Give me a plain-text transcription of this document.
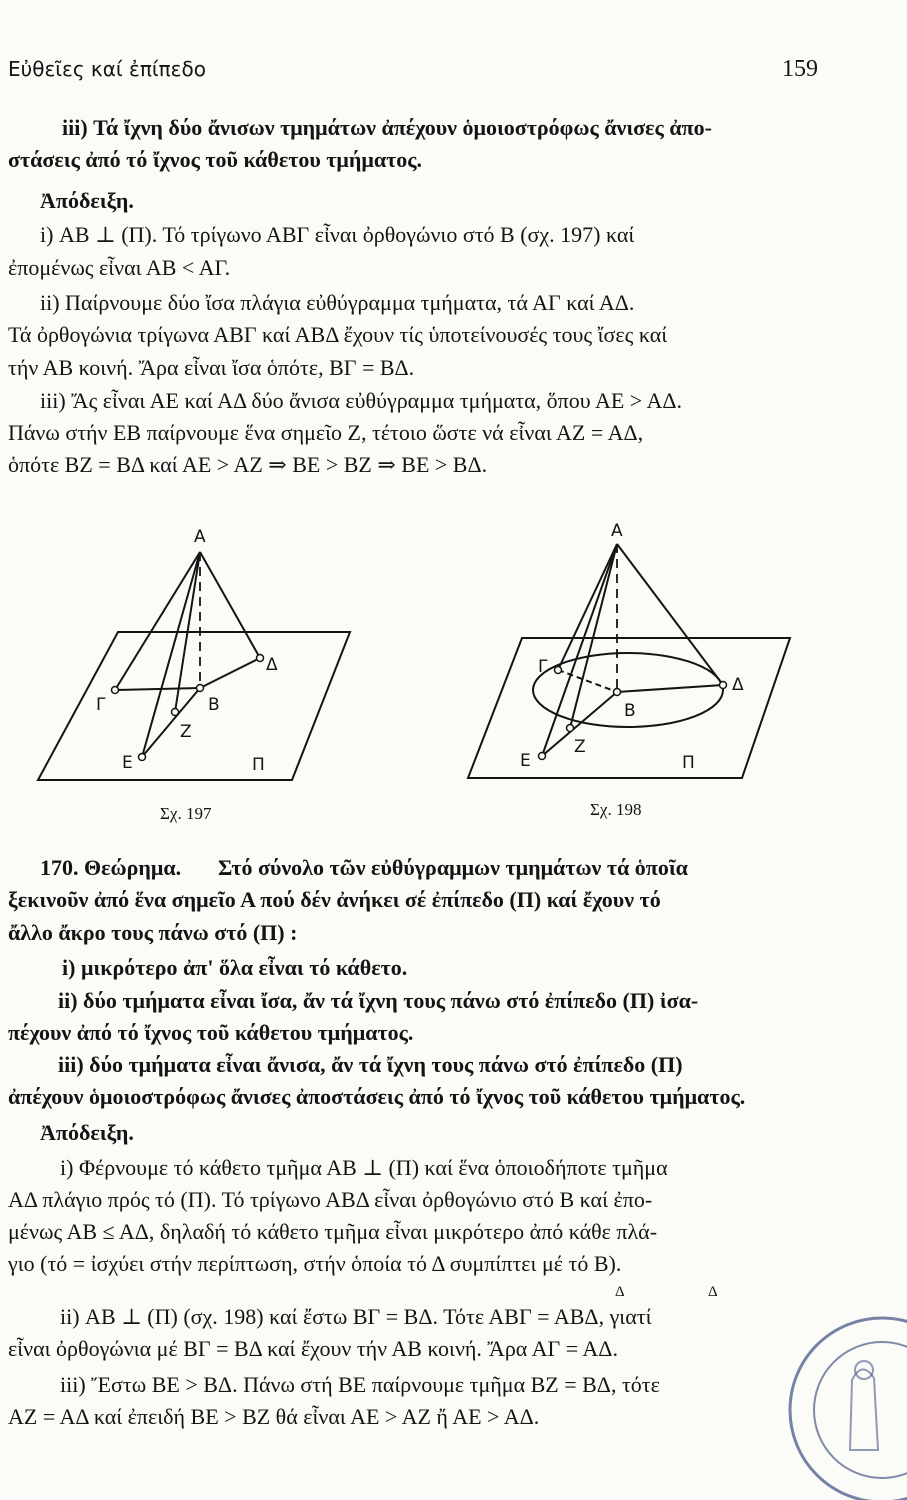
Εὐθεῖες καί ἐπίπεδο	159
iii) Τά ἴχνη δύο ἄνισων τμημάτων ἀπέχουν ὁμοιοστρόφως ἄνισες ἀπο-
στάσεις ἀπό τό ἴχνος τοῦ κάθετου τμήματος.
Ἀπόδειξη.
i) ΑΒ ⊥ (Π). Τό τρίγωνο ΑΒΓ εἶναι ὀρθογώνιο στό Β (σχ. 197) καί
ἐπομένως εἶναι ΑΒ < ΑΓ.
ii) Παίρνουμε δύο ἴσα πλάγια εὐθύγραμμα τμήματα, τά ΑΓ καί ΑΔ.
Τά ὀρθογώνια τρίγωνα ΑΒΓ καί ΑΒΔ ἔχουν τίς ὑποτείνουσές τους ἴσες καί
τήν ΑΒ κοινή. Ἄρα εἶναι ἴσα ὁπότε, ΒΓ = ΒΔ.
iii) Ἄς εἶναι ΑΕ καί ΑΔ δύο ἄνισα εὐθύγραμμα τμήματα, ὅπου ΑΕ > ΑΔ.
Πάνω στήν ΕΒ παίρνουμε ἕνα σημεῖο Ζ, τέτοιο ὥστε νά εἶναι ΑΖ = ΑΔ,
ὁπότε ΒΖ = ΒΔ καί ΑΕ > ΑΖ ⇒ ΒΕ > ΒΖ ⇒ ΒΕ > ΒΔ.
Α
Δ
Γ	Β
Ζ
Ε	Π
Σχ. 197
Α
Γ
Δ
Β
Ζ
Ε	Π
Σχ. 198
170. Θεώρημα. Στό σύνολο τῶν εὐθύγραμμων τμημάτων τά ὁποῖα
ξεκινοῦν ἀπό ἕνα σημεῖο Α πού δέν ἀνήκει σέ ἐπίπεδο (Π) καί ἔχουν τό
ἄλλο ἄκρο τους πάνω στό (Π) :
i) μικρότερο ἀπ' ὅλα εἶναι τό κάθετο.
ii) δύο τμήματα εἶναι ἴσα, ἄν τά ἴχνη τους πάνω στό ἐπίπεδο (Π) ἰσα-
πέχουν ἀπό τό ἴχνος τοῦ κάθετου τμήματος.
iii) δύο τμήματα εἶναι ἄνισα, ἄν τά ἴχνη τους πάνω στό ἐπίπεδο (Π)
ἀπέχουν ὁμοιοστρόφως ἄνισες ἀποστάσεις ἀπό τό ἴχνος τοῦ κάθετου τμήματος.
Ἀπόδειξη.
i) Φέρνουμε τό κάθετο τμῆμα ΑΒ ⊥ (Π) καί ἕνα ὁποιοδήποτε τμῆμα
ΑΔ πλάγιο πρός τό (Π). Τό τρίγωνο ΑΒΔ εἶναι ὀρθογώνιο στό Β καί ἐπο-
μένως ΑΒ ≤ ΑΔ, δηλαδή τό κάθετο τμῆμα εἶναι μικρότερο ἀπό κάθε πλά-
γιο (τό = ἰσχύει στήν περίπτωση, στήν ὁποία τό Δ συμπίπτει μέ τό Β).
Δ	Δ
ii) ΑΒ ⊥ (Π) (σχ. 198) καί ἔστω ΒΓ = ΒΔ. Τότε ΑΒΓ = ΑΒΔ, γιατί
εἶναι ὀρθογώνια μέ ΒΓ = ΒΔ καί ἔχουν τήν ΑΒ κοινή. Ἄρα ΑΓ = ΑΔ.
iii) Ἔστω ΒΕ > ΒΔ. Πάνω στή ΒΕ παίρνουμε τμῆμα ΒΖ = ΒΔ, τότε
ΑΖ = ΑΔ καί ἐπειδή ΒΕ > ΒΖ θά εἶναι ΑΕ > ΑΖ ἤ ΑΕ > ΑΔ.
